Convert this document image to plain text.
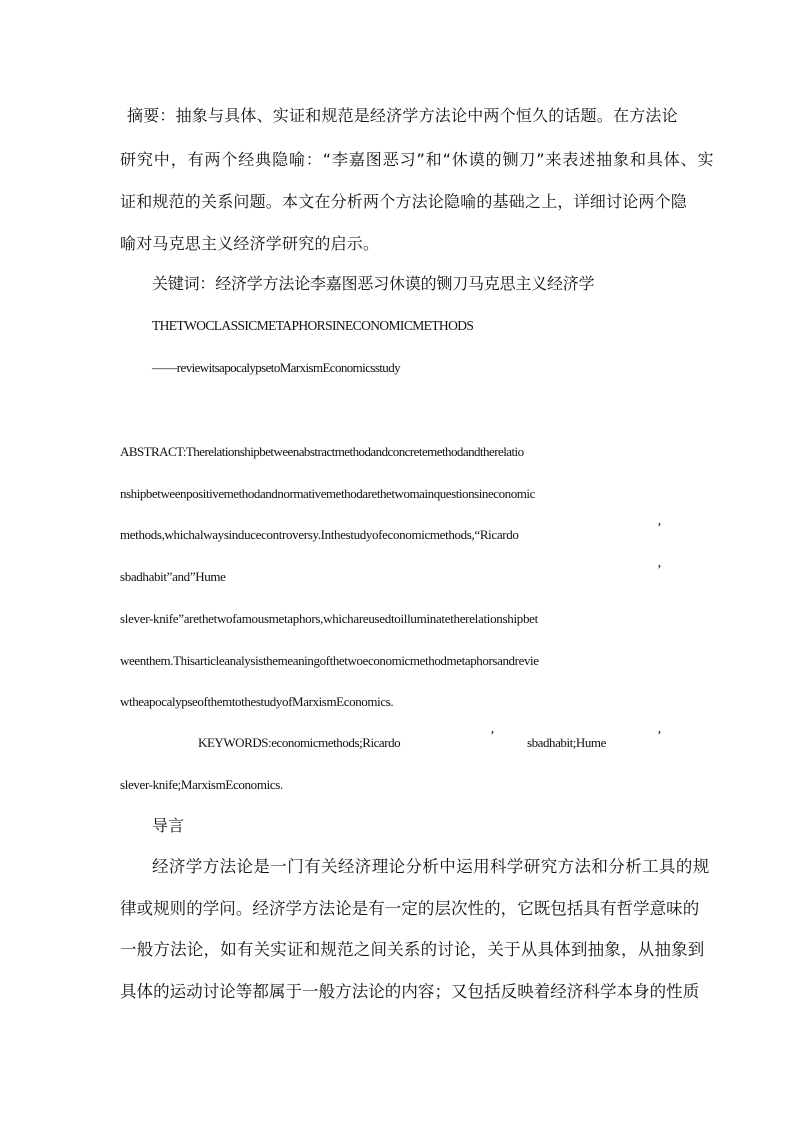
摘要：抽象与具体、实证和规范是经济学方法论中两个恒久的话题。在方法论
研究中，有两个经典隐喻：“李嘉图恶习”和“休谟的铡刀”来表述抽象和具体、实
证和规范的关系问题。本文在分析两个方法论隐喻的基础之上，详细讨论两个隐
喻对马克思主义经济学研究的启示。
关键词：经济学方法论李嘉图恶习休谟的铡刀马克思主义经济学
THETWOCLASSICMETAPHORSINECONOMICMETHODS
——reviewitsapocalypsetoMarxismEconomicsstudy
ABSTRACT:Therelationshipbetweenabstractmethodandconcretemethodandtherelatio
nshipbetweenpositivemethodandnormativemethodarethetwomainquestionsineconomic
methods,whichalwaysinducecontroversy.Inthestudyofeconomicmethods,“Ricardo	’
sbadhabit”and”Hume	’
slever-knife”arethetwofamousmetaphors,whichareusedtoilluminatetherelationshipbet
weenthem.Thisarticleanalysisthemeaningofthetwoeconomicmethodmetaphorsandrevie
wtheapocalypseofthemtothestudyofMarxismEconomics.
KEYWORDS:economicmethods;Ricardo	’ sbadhabit;Hume	’
slever-knife;MarxismEconomics.
导言
经济学方法论是一门有关经济理论分析中运用科学研究方法和分析工具的规
律或规则的学问。经济学方法论是有一定的层次性的，它既包括具有哲学意味的
一般方法论，如有关实证和规范之间关系的讨论，关于从具体到抽象，从抽象到
具体的运动讨论等都属于一般方法论的内容；又包括反映着经济科学本身的性质
